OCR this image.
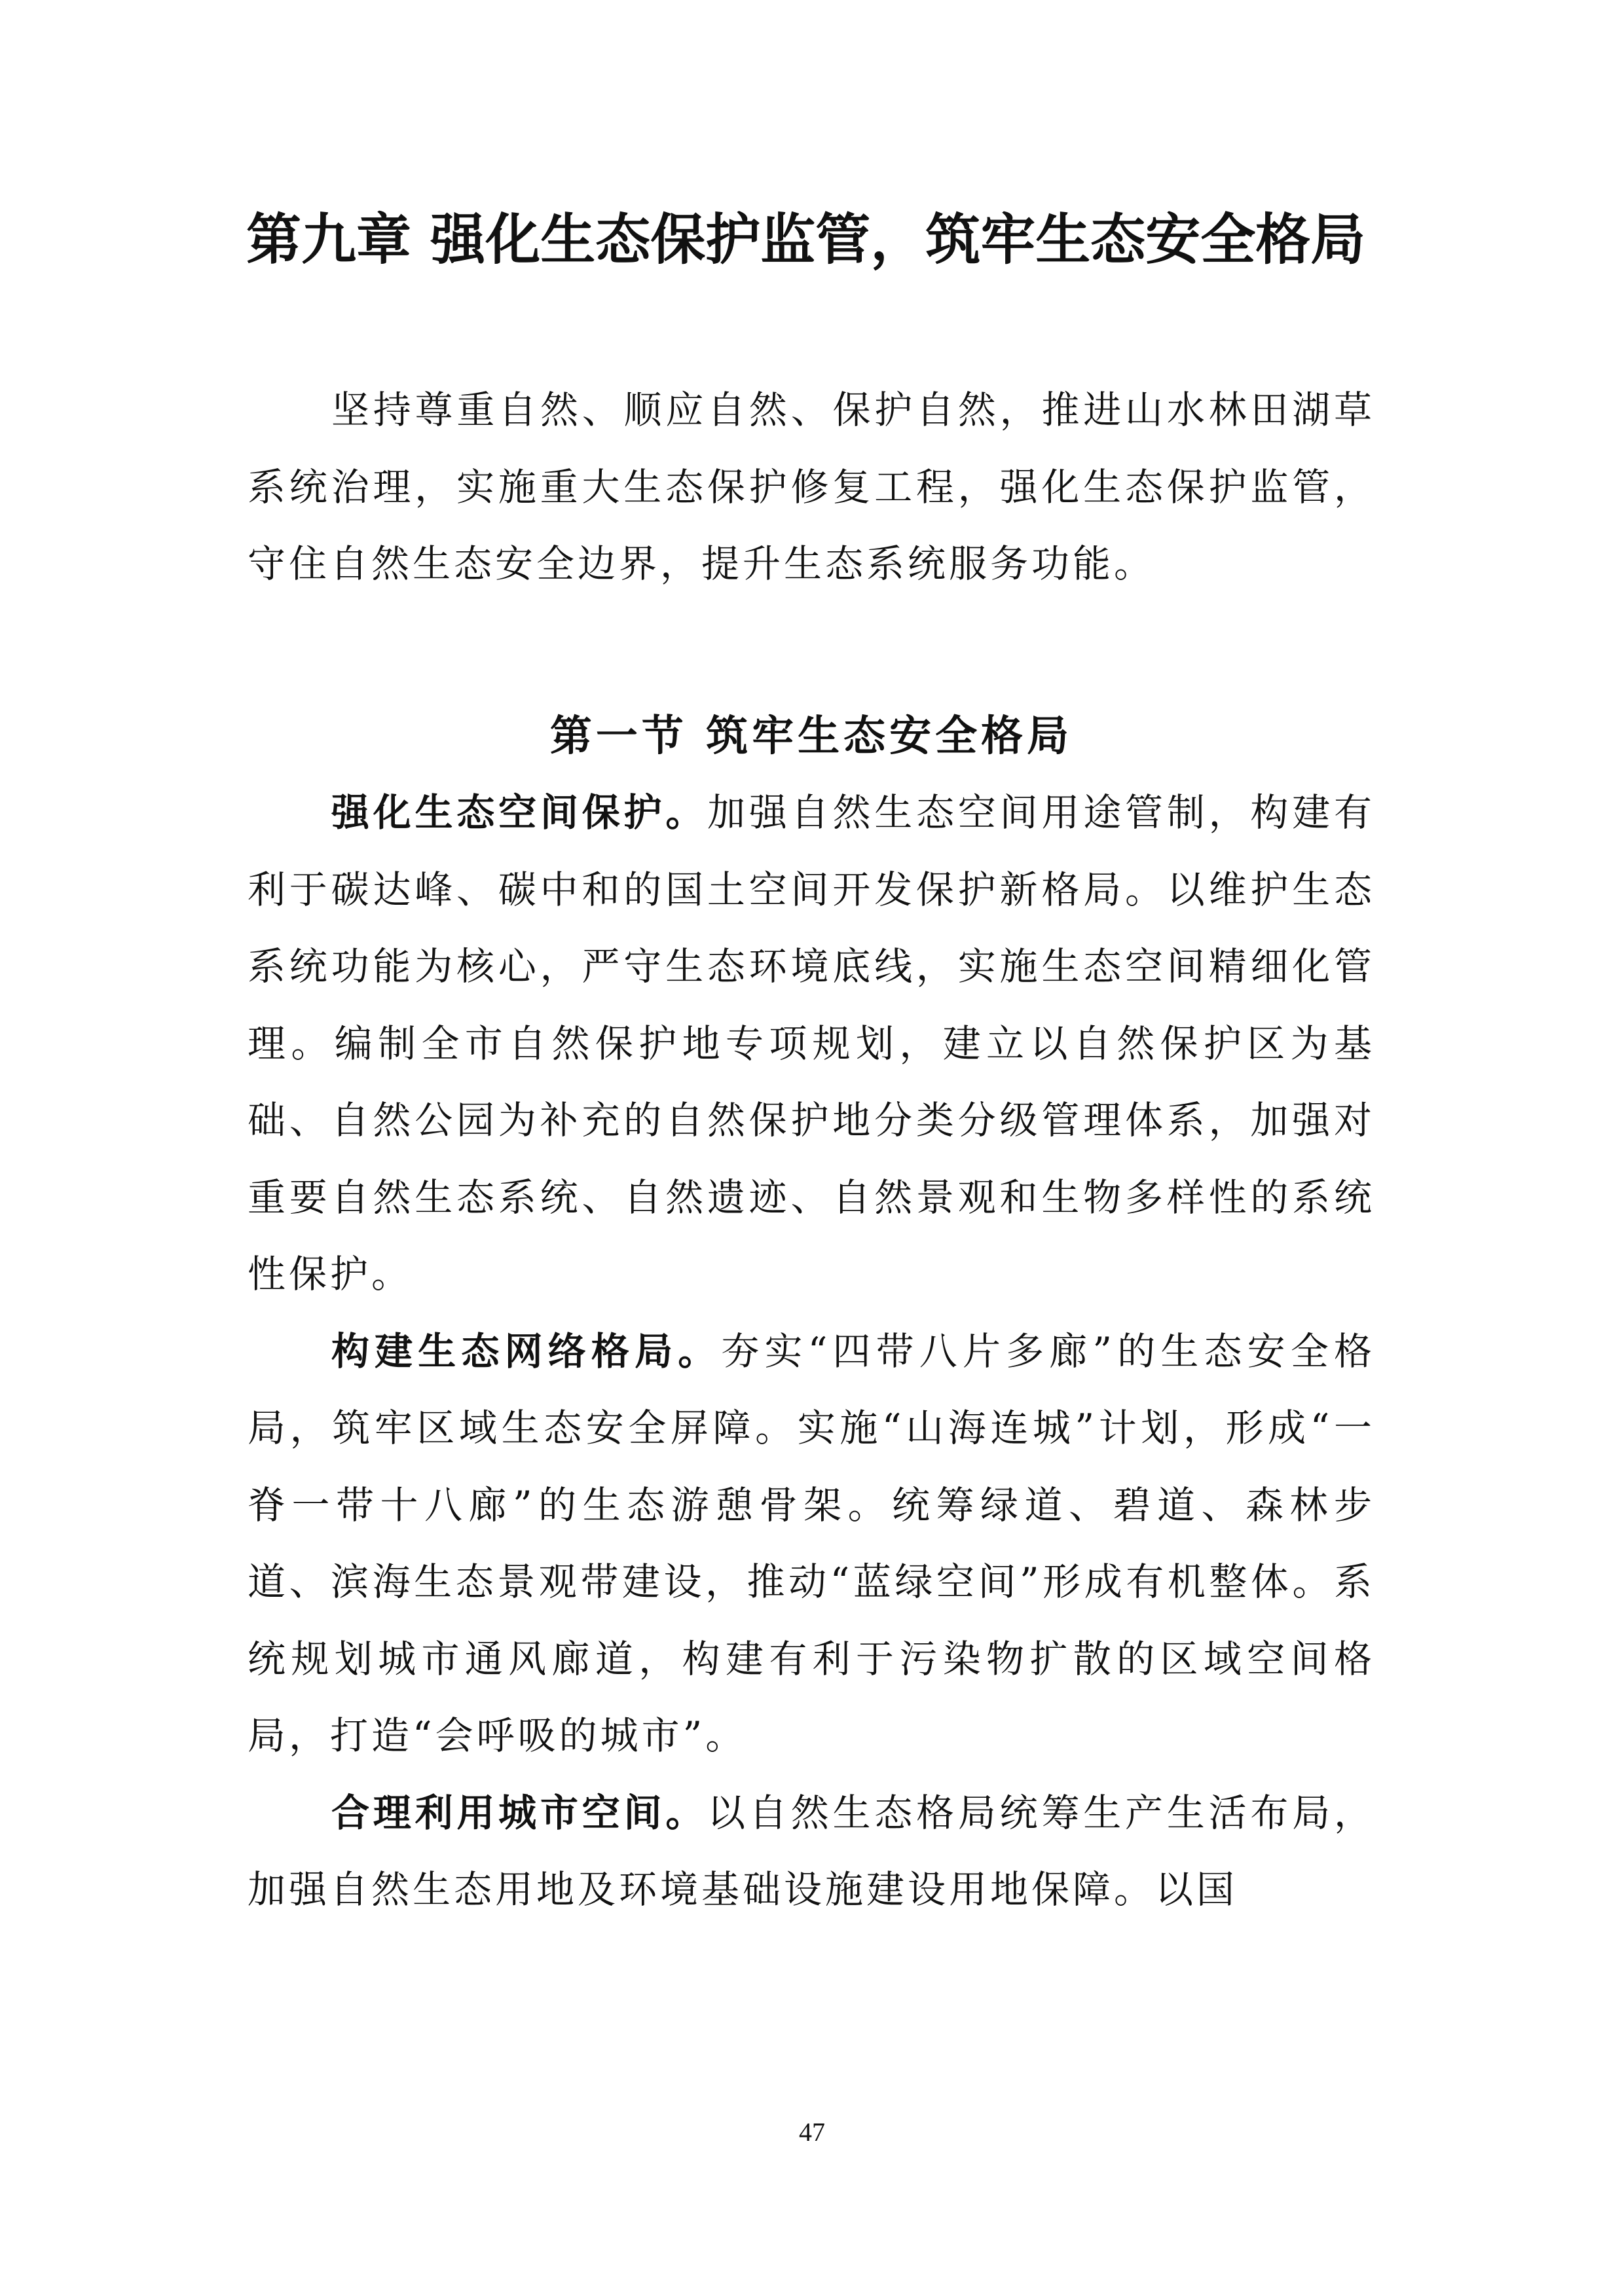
第九章 强化生态保护监管，筑牢生态安全格局

坚持尊重自然、顺应自然、保护自然，推进山水林田湖草系统治理，实施重大生态保护修复工程，强化生态保护监管，守住自然生态安全边界，提升生态系统服务功能。

第一节 筑牢生态安全格局

强化生态空间保护。加强自然生态空间用途管制，构建有利于碳达峰、碳中和的国土空间开发保护新格局。以维护生态系统功能为核心，严守生态环境底线，实施生态空间精细化管理。编制全市自然保护地专项规划，建立以自然保护区为基础、自然公园为补充的自然保护地分类分级管理体系，加强对重要自然生态系统、自然遗迹、自然景观和生物多样性的系统性保护。

构建生态网络格局。夯实“四带八片多廊”的生态安全格局，筑牢区域生态安全屏障。实施“山海连城”计划，形成“一脊一带十八廊”的生态游憩骨架。统筹绿道、碧道、森林步道、滨海生态景观带建设，推动“蓝绿空间”形成有机整体。系统规划城市通风廊道，构建有利于污染物扩散的区域空间格局，打造“会呼吸的城市”。

合理利用城市空间。以自然生态格局统筹生产生活布局，加强自然生态用地及环境基础设施建设用地保障。以国

47
